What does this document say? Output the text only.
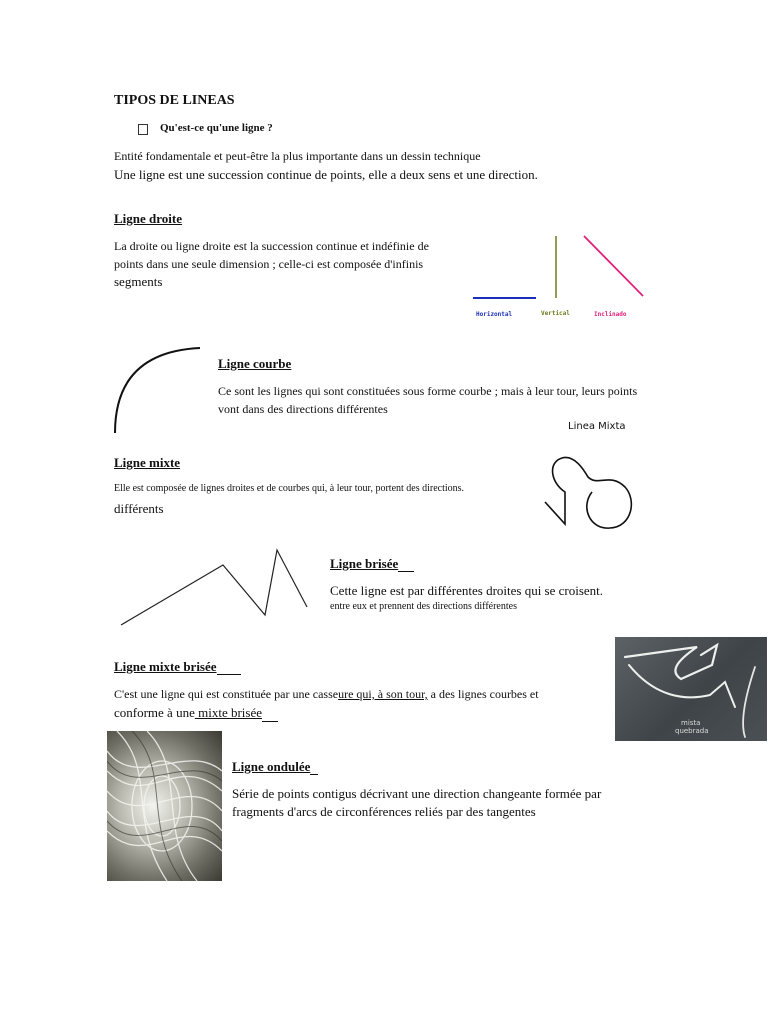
TIPOS DE LINEAS
Qu'est-ce qu'une ligne ?
Entité fondamentale et peut-être la plus importante dans un dessin technique
Une ligne est une succession continue de points, elle a deux sens et une direction.
Ligne droite
La droite ou ligne droite est la succession continue et indéfinie de
points dans une seule dimension ; celle-ci est composée d'infinis
segments
Horizontal	Vertical	Inclinado
Ligne courbe
Ce sont les lignes qui sont constituées sous forme courbe ; mais à leur tour, leurs points
vont dans des directions différentes
Linea Mixta
Ligne mixte
Elle est composée de lignes droites et de courbes qui, à leur tour, portent des directions.
différents
Ligne brisée
Cette ligne est par différentes droites qui se croisent.
entre eux et prennent des directions différentes
Ligne mixte brisée
C'est une ligne qui est constituée par une casseure qui, à son tour, a des lignes courbes et
conforme à une mixte brisée
mista
quebrada
Ligne ondulée
Série de points contigus décrivant une direction changeante formée par
fragments d'arcs de circonférences reliés par des tangentes
